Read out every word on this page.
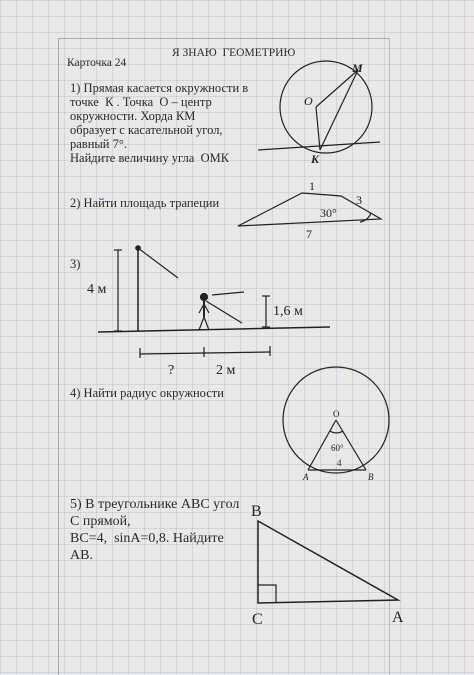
Карточка 24
Я ЗНАЮ  ГЕОМЕТРИЮ
1) Прямая касается окружности в
точке  К . Точка  О – центр
окружности. Хорда КМ
образует с касательной угол,
равный 7°.
Найдите величину угла  ОМК
2) Найти площадь трапеции
3)
4) Найти радиус окружности
5) В треугольнике АВС угол
С прямой,
ВС=4,  sinA=0,8. Найдите
АВ.
O
M
K
1
3
30°
7
4 м
1,6 м
?	2 м
O
60°
4
A	B
B
C	A
